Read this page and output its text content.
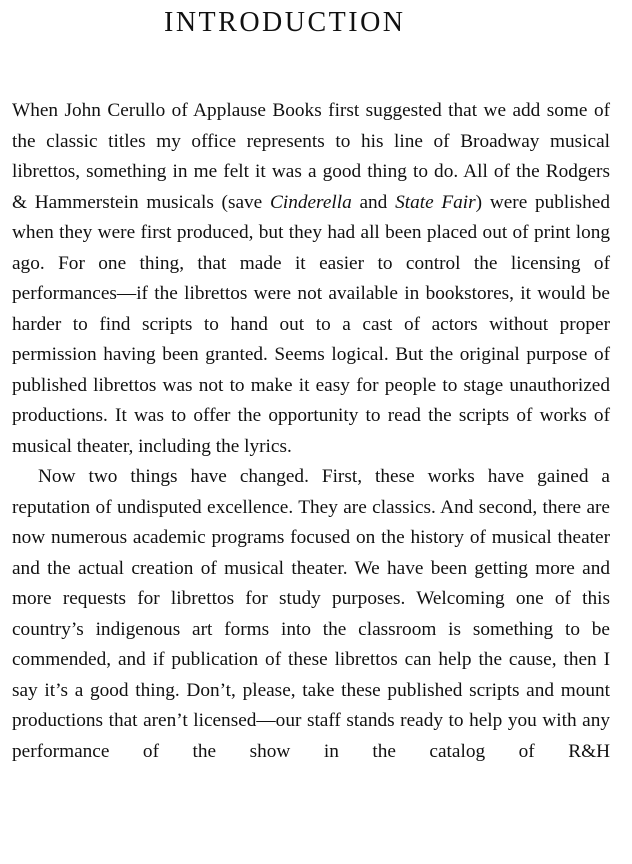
INTRODUCTION

When John Cerullo of Applause Books first suggested that we add some of the classic titles my office represents to his line of Broadway musical librettos, something in me felt it was a good thing to do. All of the Rodgers & Hammerstein musicals (save Cinderella and State Fair) were published when they were first produced, but they had all been placed out of print long ago. For one thing, that made it easier to control the licensing of performances—if the librettos were not available in bookstores, it would be harder to find scripts to hand out to a cast of actors without proper permission having been granted. Seems logical. But the original purpose of published librettos was not to make it easy for people to stage unauthorized productions. It was to offer the opportunity to read the scripts of works of musical theater, including the lyrics.

Now two things have changed. First, these works have gained a reputation of undisputed excellence. They are classics. And second, there are now numerous academic programs focused on the history of musical theater and the actual creation of musical theater. We have been getting more and more requests for librettos for study purposes. Welcoming one of this country’s indigenous art forms into the classroom is something to be commended, and if publication of these librettos can help the cause, then I say it’s a good thing. Don’t, please, take these published scripts and mount productions that aren’t licensed—our staff stands ready to help you with any performance of the show in the catalog of R&H
